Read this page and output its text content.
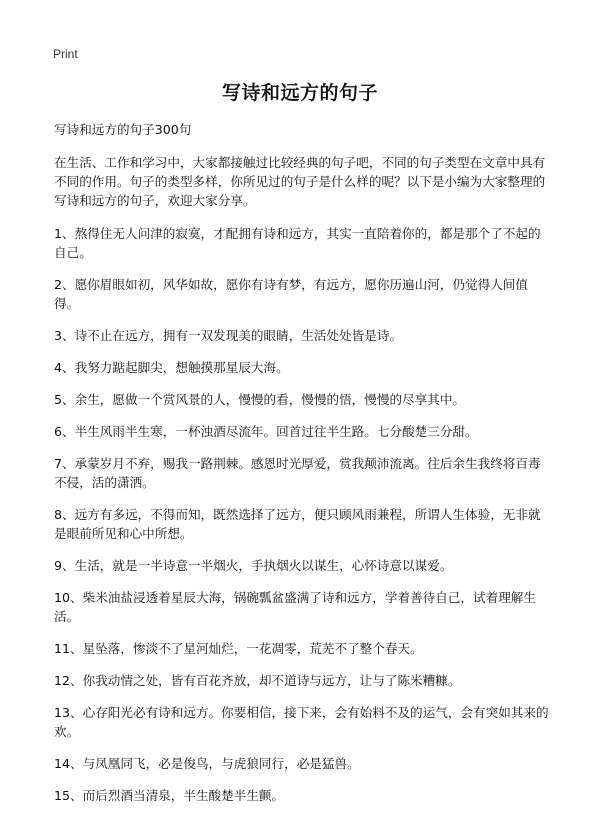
Print
写诗和远方的句子

写诗和远方的句子300句

在生活、工作和学习中，大家都接触过比较经典的句子吧，不同的句子类型在文章中具有不同的作用。句子的类型多样，你所见过的句子是什么样的呢？以下是小编为大家整理的写诗和远方的句子，欢迎大家分享。

1、熬得住无人问津的寂寞，才配拥有诗和远方，其实一直陪着你的，都是那个了不起的自己。

2、愿你眉眼如初，风华如故，愿你有诗有梦，有远方，愿你历遍山河，仍觉得人间值得。

3、诗不止在远方，拥有一双发现美的眼睛，生活处处皆是诗。

4、我努力踮起脚尖，想触摸那星辰大海。

5、余生，愿做一个赏风景的人，慢慢的看，慢慢的悟，慢慢的尽享其中。

6、半生风雨半生寒，一杯浊酒尽流年。回首过往半生路。七分酸楚三分甜。

7、承蒙岁月不弃，赐我一路荆棘。感恩时光厚爱，赏我颠沛流离。往后余生我终将百毒不侵，活的潇洒。

8、远方有多远，不得而知，既然选择了远方，便只顾风雨兼程，所谓人生体验，无非就是眼前所见和心中所想。

9、生活，就是一半诗意一半烟火，手执烟火以谋生，心怀诗意以谋爱。

10、柴米油盐浸透着星辰大海，锅碗瓢盆盛满了诗和远方，学着善待自己，试着理解生活。

11、星坠落，惨淡不了星河灿烂，一花凋零，荒芜不了整个春天。

12、你我动情之处，皆有百花齐放，却不道诗与远方，让与了陈米糟糠。

13、心存阳光必有诗和远方。你要相信，接下来，会有始料不及的运气，会有突如其来的欢。

14、与凤凰同飞，必是俊鸟，与虎狼同行，必是猛兽。

15、而后烈酒当清泉，半生酸楚半生颤。
